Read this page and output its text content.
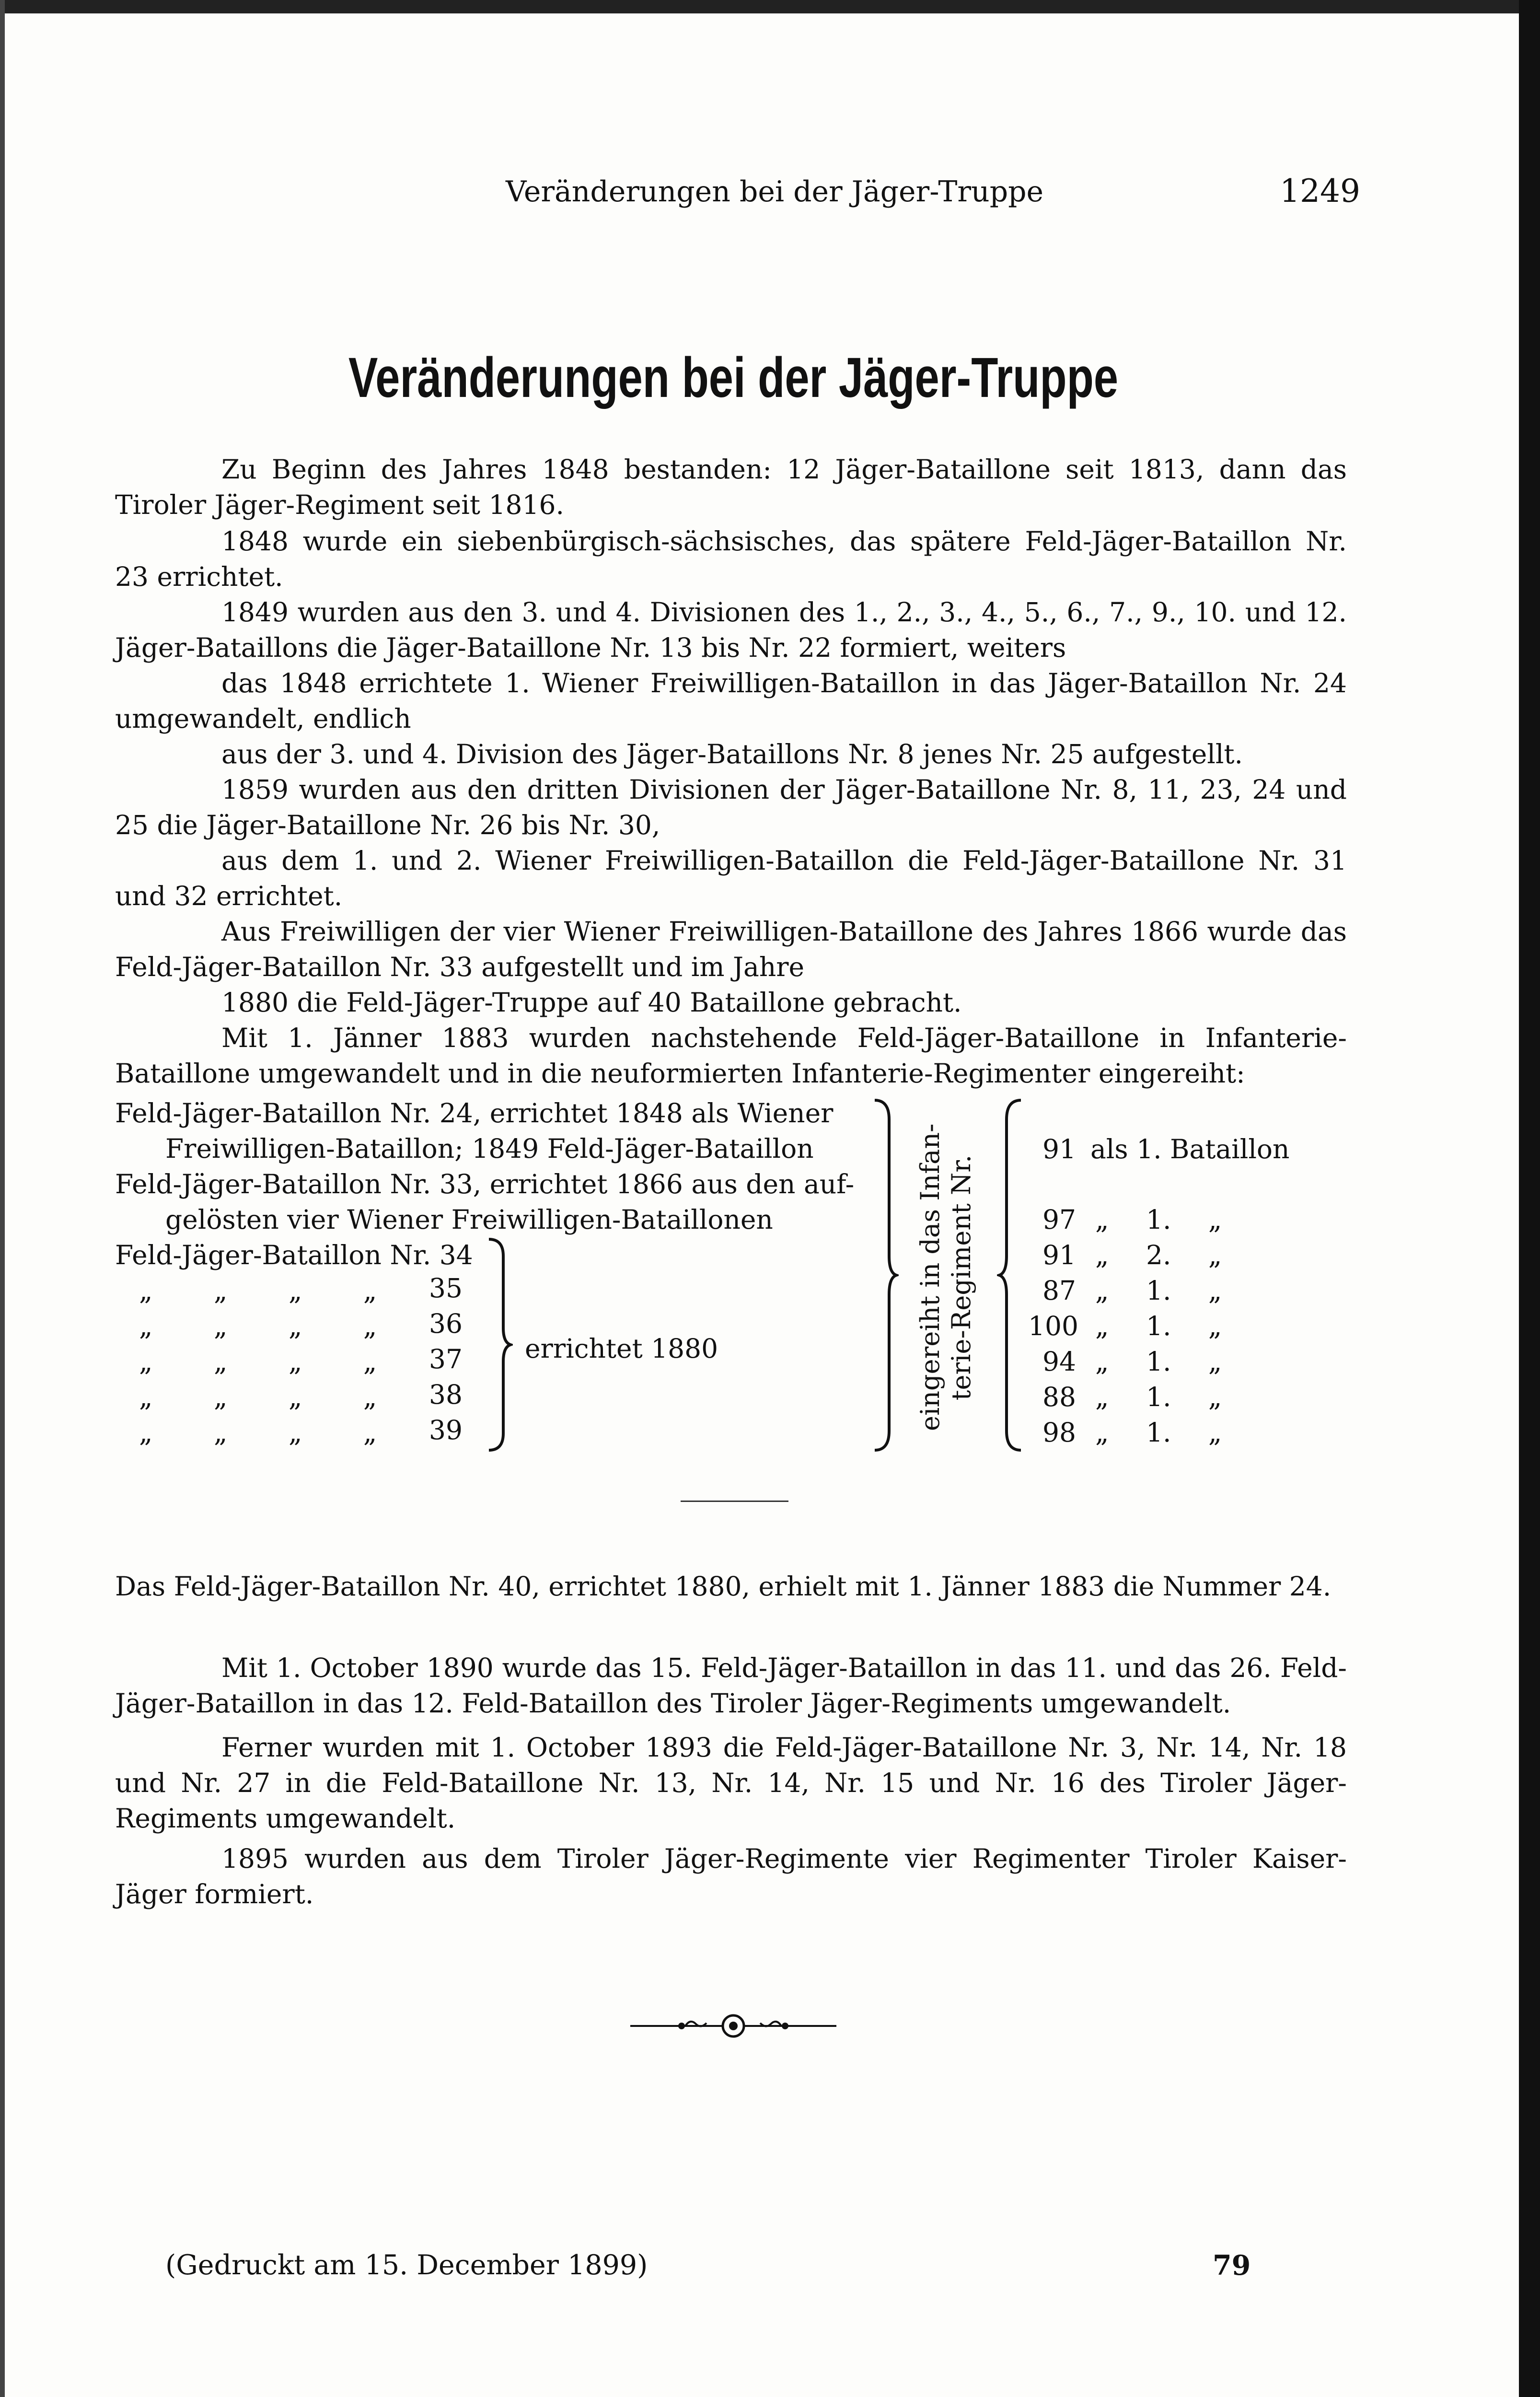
Veränderungen bei der Jäger-Truppe	1249
Veränderungen bei der Jäger-Truppe
Zu Beginn des Jahres 1848 bestanden: 12 Jäger-Bataillone seit 1813, dann das Tiroler Jäger-Regiment seit 1816.
1848 wurde ein siebenbürgisch-sächsisches, das spätere Feld-Jäger-Bataillon Nr. 23 errichtet.
1849 wurden aus den 3. und 4. Divisionen des 1., 2., 3., 4., 5., 6., 7., 9., 10. und 12. Jäger-Bataillons die Jäger-Bataillone Nr. 13 bis Nr. 22 formiert, weiters
das 1848 errichtete 1. Wiener Freiwilligen-Bataillon in das Jäger-Bataillon Nr. 24 umgewandelt, endlich
aus der 3. und 4. Division des Jäger-Bataillons Nr. 8 jenes Nr. 25 aufgestellt.
1859 wurden aus den dritten Divisionen der Jäger-Bataillone Nr. 8, 11, 23, 24 und 25 die Jäger-Bataillone Nr. 26 bis Nr. 30,
aus dem 1. und 2. Wiener Freiwilligen-Bataillon die Feld-Jäger-Bataillone Nr. 31 und 32 errichtet.
Aus Freiwilligen der vier Wiener Freiwilligen-Bataillone des Jahres 1866 wurde das Feld-Jäger-Bataillon Nr. 33 aufgestellt und im Jahre
1880 die Feld-Jäger-Truppe auf 40 Bataillone gebracht.
Mit 1. Jänner 1883 wurden nachstehende Feld-Jäger-Bataillone in Infanterie-Bataillone umgewandelt und in die neuformierten Infanterie-Regimenter eingereiht:
Feld-Jäger-Bataillon Nr. 24, errichtet 1848 als Wiener
Freiwilligen-Bataillon; 1849 Feld-Jäger-Bataillon
Feld-Jäger-Bataillon Nr. 33, errichtet 1866 aus den auf-
gelösten vier Wiener Freiwilligen-Bataillonen
Feld-Jäger-Bataillon Nr. 34
„ „ „ „ 35
„ „ „ „ 36
„ „ „ „ 37
„ „ „ „ 38
„ „ „ „ 39
errichtet 1880	eingereiht in das Infan- terie-Regiment Nr.
91 als 1. Bataillon
97 „ 1. „
91 „ 2. „
87 „ 1. „
100 „ 1. „
94 „ 1. „
88 „ 1. „
98 „ 1. „
Das Feld-Jäger-Bataillon Nr. 40, errichtet 1880, erhielt mit 1. Jänner 1883 die Nummer 24.
Mit 1. October 1890 wurde das 15. Feld-Jäger-Bataillon in das 11. und das 26. Feld-Jäger-Bataillon in das 12. Feld-Bataillon des Tiroler Jäger-Regiments umgewandelt.
Ferner wurden mit 1. October 1893 die Feld-Jäger-Bataillone Nr. 3, Nr. 14, Nr. 18 und Nr. 27 in die Feld-Bataillone Nr. 13, Nr. 14, Nr. 15 und Nr. 16 des Tiroler Jäger-Regiments umgewandelt.
1895 wurden aus dem Tiroler Jäger-Regimente vier Regimenter Tiroler Kaiser-Jäger formiert.
(Gedruckt am 15. December 1899)	79
